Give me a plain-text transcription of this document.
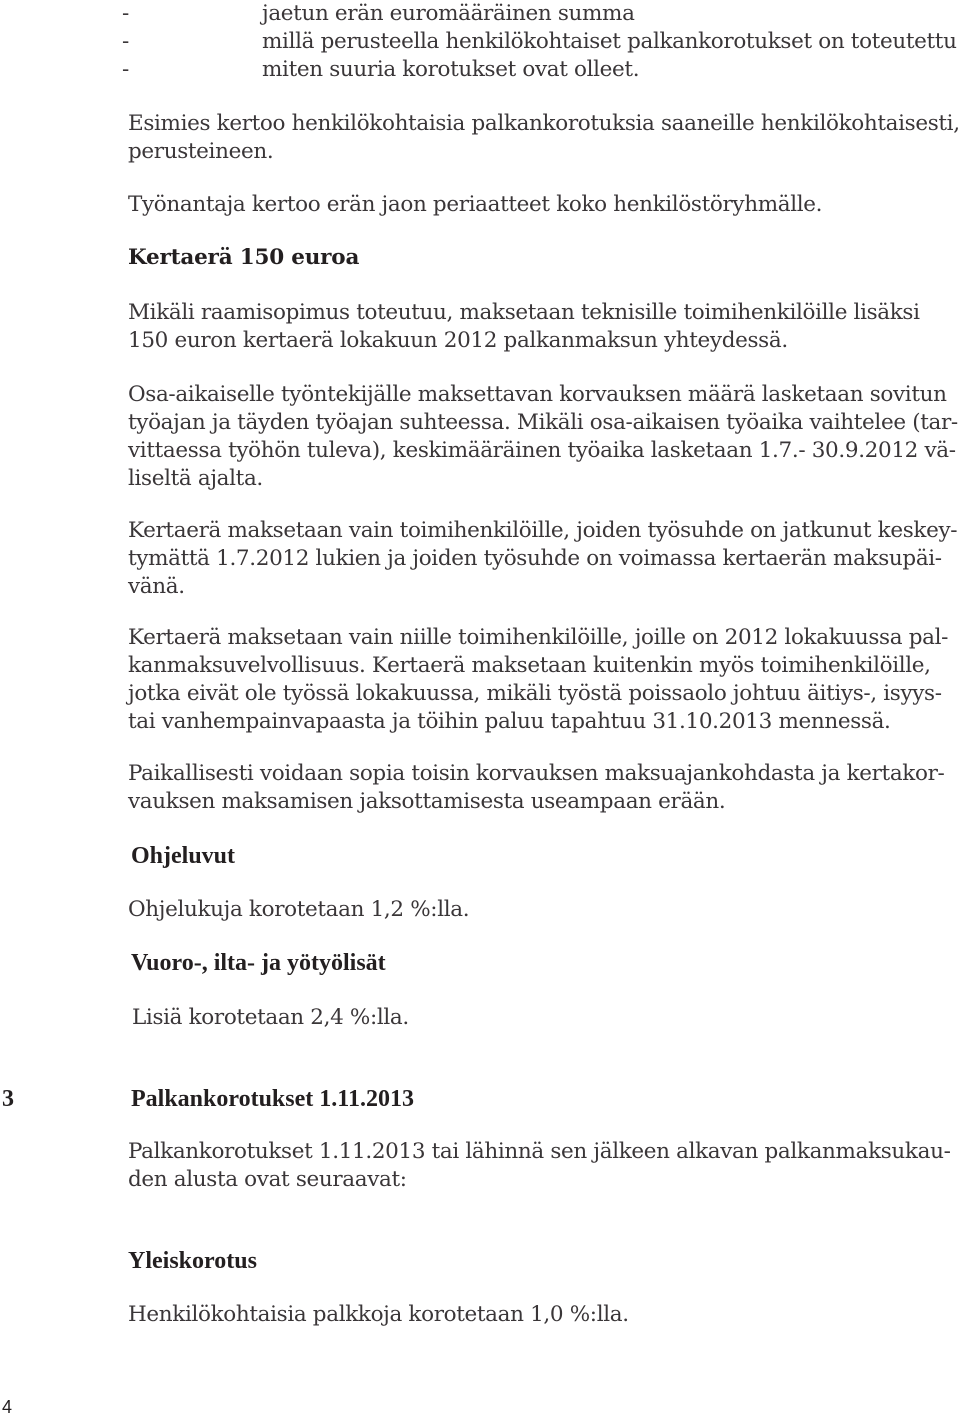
-	jaetun erän euromääräinen summa
-	millä perusteella henkilökohtaiset palkankorotukset on toteutettu
-	miten suuria korotukset ovat olleet.
Esimies kertoo henkilökohtaisia palkankorotuksia saaneille henkilökohtaisesti,
perusteineen.
Työnantaja kertoo erän jaon periaatteet koko henkilöstöryhmälle.
Kertaerä 150 euroa
Mikäli raamisopimus toteutuu, maksetaan teknisille toimihenkilöille lisäksi
150 euron kertaerä lokakuun 2012 palkanmaksun yhteydessä.
Osa-aikaiselle työntekijälle maksettavan korvauksen määrä lasketaan sovitun
työajan ja täyden työajan suhteessa. Mikäli osa-aikaisen työaika vaihtelee (tar-
vittaessa työhön tuleva), keskimääräinen työaika lasketaan 1.7.- 30.9.2012 vä-
liseltä ajalta.
Kertaerä maksetaan vain toimihenkilöille, joiden työsuhde on jatkunut keskey-
tymättä 1.7.2012 lukien ja joiden työsuhde on voimassa kertaerän maksupäi-
vänä.
Kertaerä maksetaan vain niille toimihenkilöille, joille on 2012 lokakuussa pal-
kanmaksuvelvollisuus. Kertaerä maksetaan kuitenkin myös toimihenkilöille,
jotka eivät ole työssä lokakuussa, mikäli työstä poissaolo johtuu äitiys-, isyys-
tai vanhempainvapaasta ja töihin paluu tapahtuu 31.10.2013 mennessä.
Paikallisesti voidaan sopia toisin korvauksen maksuajankohdasta ja kertakor-
vauksen maksamisen jaksottamisesta useampaan erään.
Ohjeluvut
Ohjelukuja korotetaan 1,2 %:lla.
Vuoro-, ilta- ja yötyölisät
Lisiä korotetaan 2,4 %:lla.
3	Palkankorotukset 1.11.2013
Palkankorotukset 1.11.2013 tai lähinnä sen jälkeen alkavan palkanmaksukau-
den alusta ovat seuraavat:
Yleiskorotus
Henkilökohtaisia palkkoja korotetaan 1,0 %:lla.
4
